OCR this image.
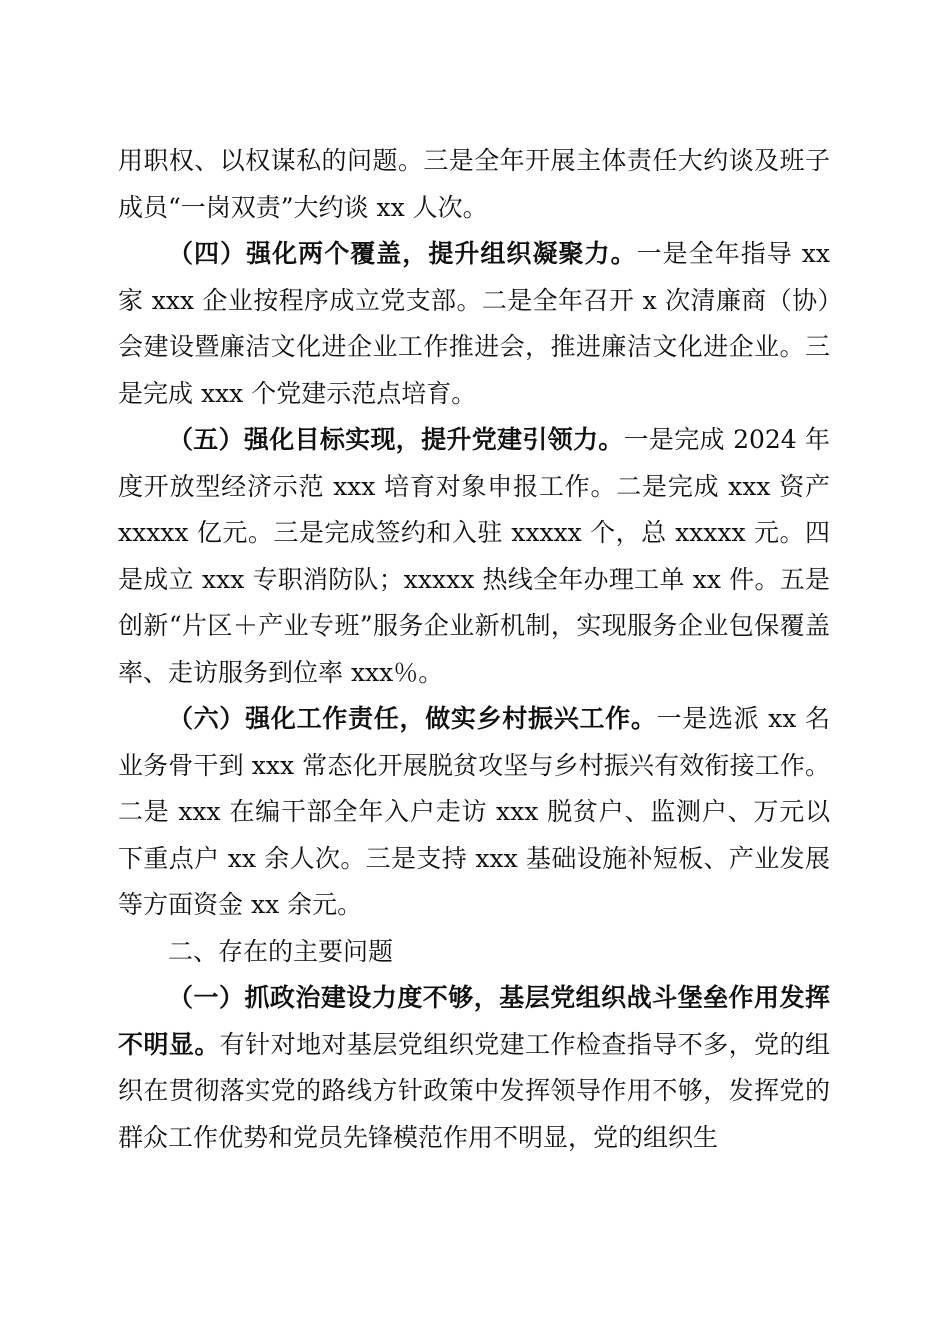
用职权、以权谋私的问题。三是全年开展主体责任大约谈及班子成员“一岗双责”大约谈 xx 人次。

（四）强化两个覆盖，提升组织凝聚力。一是全年指导 xx 家 xxx 企业按程序成立党支部。二是全年召开 x 次清廉商（协）会建设暨廉洁文化进企业工作推进会，推进廉洁文化进企业。三是完成 xxx 个党建示范点培育。

（五）强化目标实现，提升党建引领力。一是完成 2024 年度开放型经济示范 xxx 培育对象申报工作。二是完成 xxx 资产 xxxxx 亿元。三是完成签约和入驻 xxxxx 个，总 xxxxx 元。四是成立 xxx 专职消防队；xxxxx 热线全年办理工单 xx 件。五是创新“片区＋产业专班”服务企业新机制，实现服务企业包保覆盖率、走访服务到位率 xxx％。

（六）强化工作责任，做实乡村振兴工作。一是选派 xx 名业务骨干到 xxx 常态化开展脱贫攻坚与乡村振兴有效衔接工作。二是 xxx 在编干部全年入户走访 xxx 脱贫户、监测户、万元以下重点户 xx 余人次。三是支持 xxx 基础设施补短板、产业发展等方面资金 xx 余元。

二、存在的主要问题

（一）抓政治建设力度不够，基层党组织战斗堡垒作用发挥不明显。有针对地对基层党组织党建工作检查指导不多，党的组织在贯彻落实党的路线方针政策中发挥领导作用不够，发挥党的群众工作优势和党员先锋模范作用不明显，党的组织生
